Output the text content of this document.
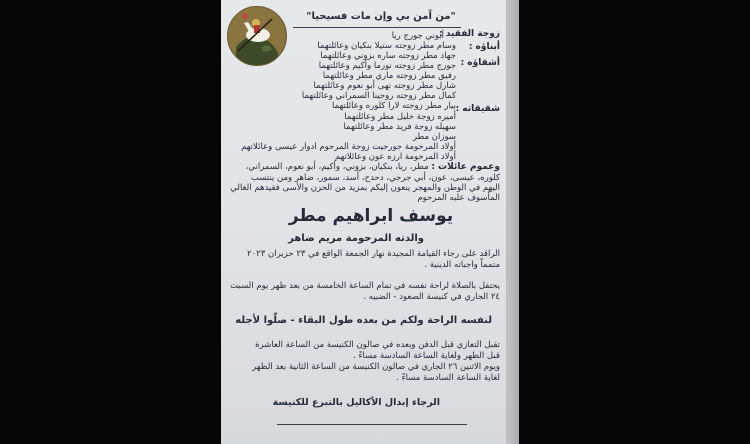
"من آمن بي وإن مات فسيحيا"
زوجة الفقيد :
أبوني جورج ريا
أبناؤه :
وسام مطر زوجته ستيلا بنكيان وعائلتهما
جهاد مطر زوجته ساره بزوني وعائلتهما
أشقاؤه :
جورج مطر زوجته نورما وأكيم وعائلتهما
رفيق مطر زوجته ماري مطر وعائلتهما
شارل مطر زوجته نهى أبو نعوم وعائلتهما
كمال مطر زوجته روجينا السمراني وعائلتهما
بيار مطر زوجته لارا كلوره وعائلتهما شقيقاته :
أميره زوجة خليل مطر وعائلتهما
سهيله زوجة فريد مطر وعائلتهما
سوزان مطر
أولاد المرحومة جورجيت زوجة المرحوم ادوار عيسى وعائلاتهم
أولاد المرحومة ارزه عون وعائلاتهم
وعموم عائلات : مطر، ريا، بنكيان، بزوني، وأكيم، أبو نعوم، السمراني،
كلوره، عيسى، عون، أبي جرجي، دحدح، أسد، سمور، ضاهر ومن ينتسب
اليهم في الوطن والمهجر ينعون إليكم بمزيد من الحزن والأسى فقيدهم الغالي
المأسوف عليه المرحوم
يوسف ابراهيم مطر
والدته المرحومة مريم ضاهر
الراقد على رجاء القيامة المجيدة نهار الجمعة الواقع في ٢٣ حزيران ٢٠٢٣
متمماً واجباته الدينية .
يحتفل بالصلاة لراحة نفسه في تمام الساعة الخامسة من بعد ظهر يوم السبت
٢٤ الجاري في كنيسة الصعود - الضبيه .
لنفسه الراحة ولكم من بعده طول البقاء - صلّوا لأجله
تقبل التعازي قبل الدفن وبعده في صالون الكنيسة من الساعة العاشرة
قبل الظهر ولغاية الساعة السادسة مساءً .
ويوم الاثنين ٢٦ الجاري في صالون الكنيسة من الساعة الثانية بعد الظهر
لغاية الساعة السادسة مساءً .
الرجاء إبدال الأكاليل بالتبرع للكنيسة
